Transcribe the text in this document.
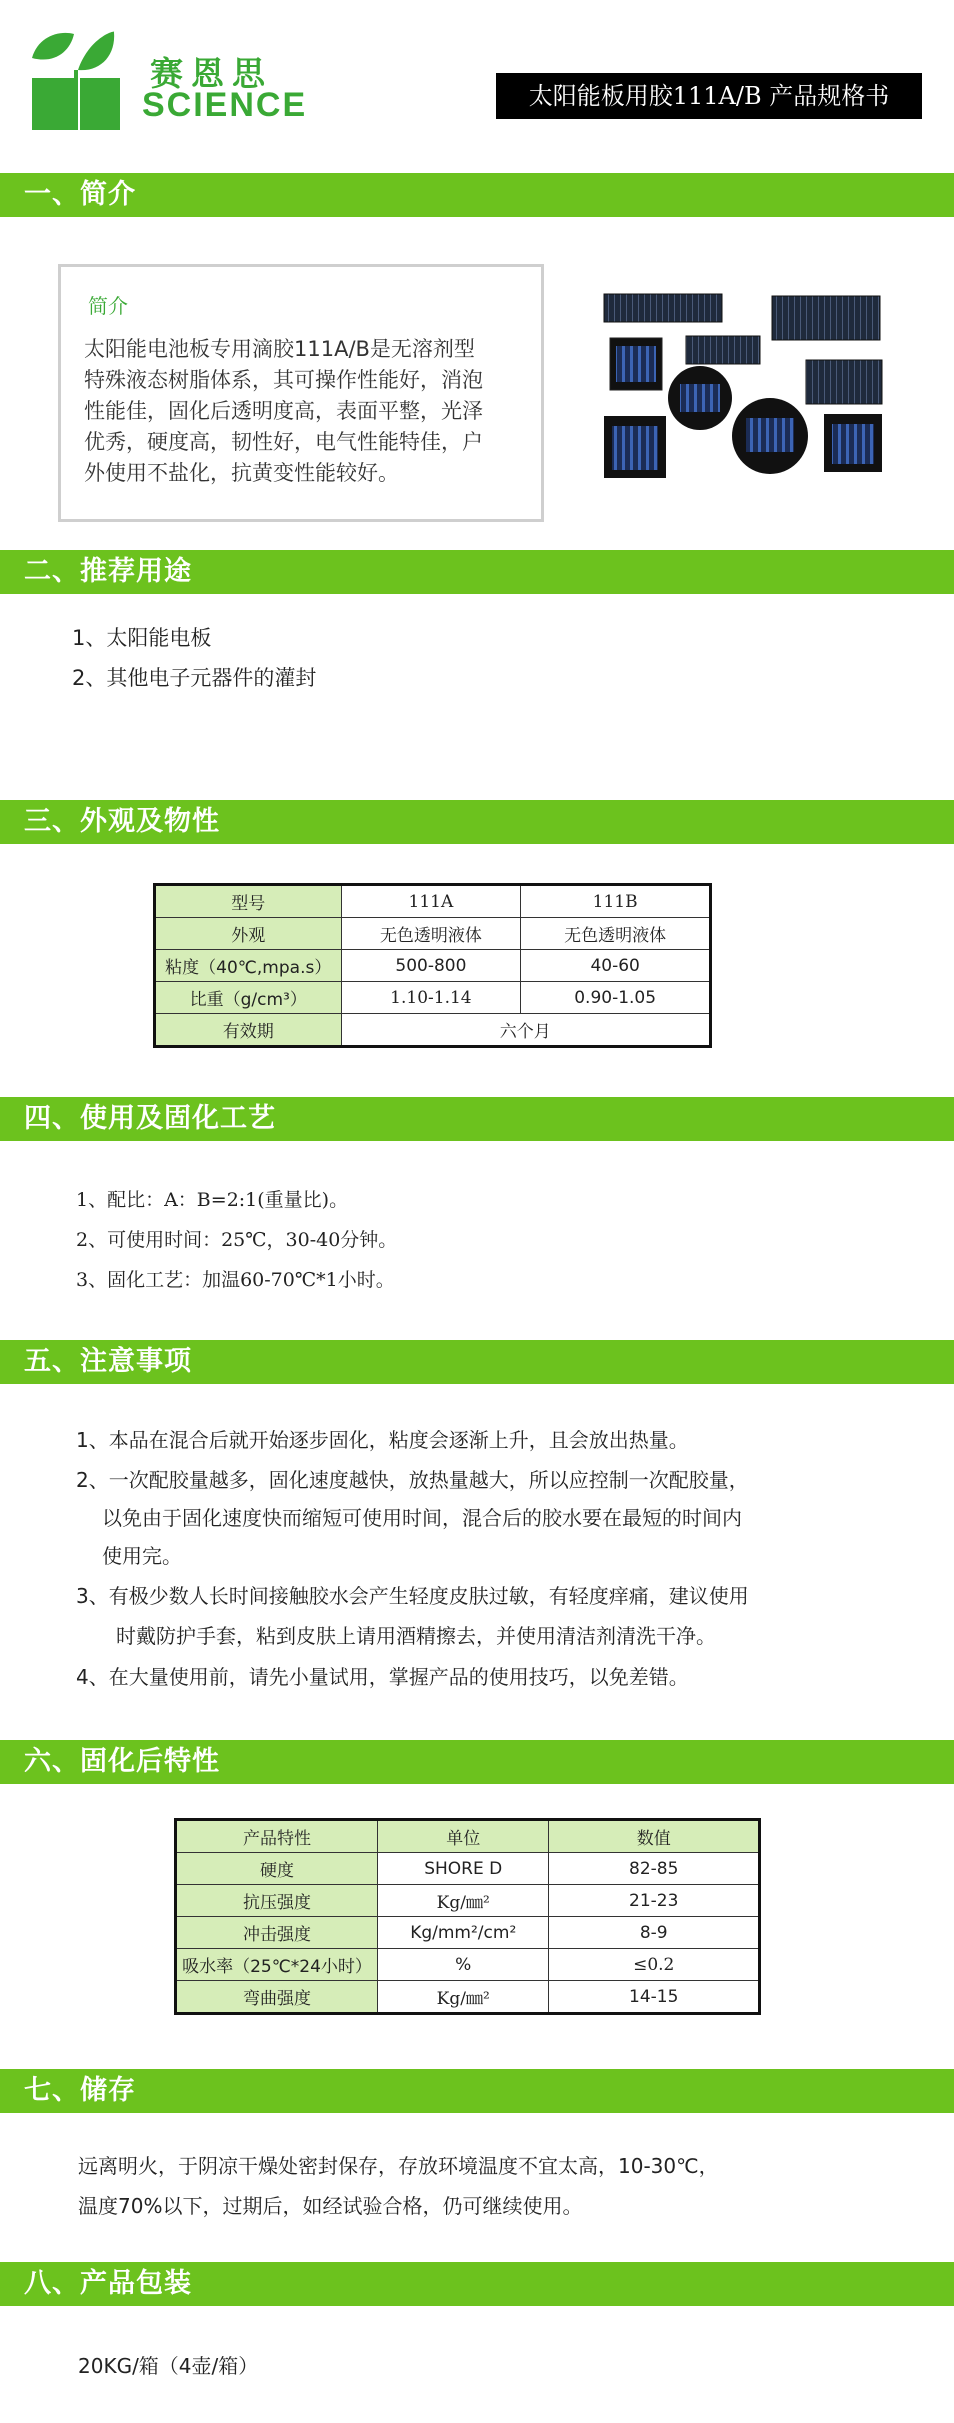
赛恩思
SCIENCE	太阳能板用胶111A/B 产品规格书
一、简介
简介
太阳能电池板专用滴胶111A/B是无溶剂型
特殊液态树脂体系，其可操作性能好，消泡
性能佳，固化后透明度高，表面平整，光泽
优秀，硬度高，韧性好，电气性能特佳，户
外使用不盐化，抗黄变性能较好。
二、推荐用途
1、太阳能电板
2、其他电子元器件的灌封
三、外观及物性
型号	111A	111B
外观	无色透明液体	无色透明液体
粘度（40℃,mpa.s）	500-800	40-60
比重（g/cm³）	1.10-1.14	0.90-1.05
有效期	六个月	
四、使用及固化工艺
1、配比：A：B=2:1(重量比)。
2、可使用时间：25℃，30-40分钟。
3、固化工艺：加温60-70℃*1小时。
五、注意事项
1、本品在混合后就开始逐步固化，粘度会逐渐上升，且会放出热量。
2、一次配胶量越多，固化速度越快，放热量越大，所以应控制一次配胶量，
以免由于固化速度快而缩短可使用时间，混合后的胶水要在最短的时间内
使用完。
3、有极少数人长时间接触胶水会产生轻度皮肤过敏，有轻度痒痛，建议使用
时戴防护手套，粘到皮肤上请用酒精擦去，并使用清洁剂清洗干净。
4、在大量使用前，请先小量试用，掌握产品的使用技巧，以免差错。
六、固化后特性
产品特性	单位	数值
硬度	SHORE D	82-85
抗压强度	Kg/㎜²	21-23
冲击强度	Kg/mm²/cm²	8-9
吸水率（25℃*24小时）	%	≤0.2
弯曲强度	Kg/㎜²	14-15
七、储存
远离明火，于阴凉干燥处密封保存，存放环境温度不宜太高，10-30℃，
温度70%以下，过期后，如经试验合格，仍可继续使用。
八、产品包装
20KG/箱（4壶/箱）
